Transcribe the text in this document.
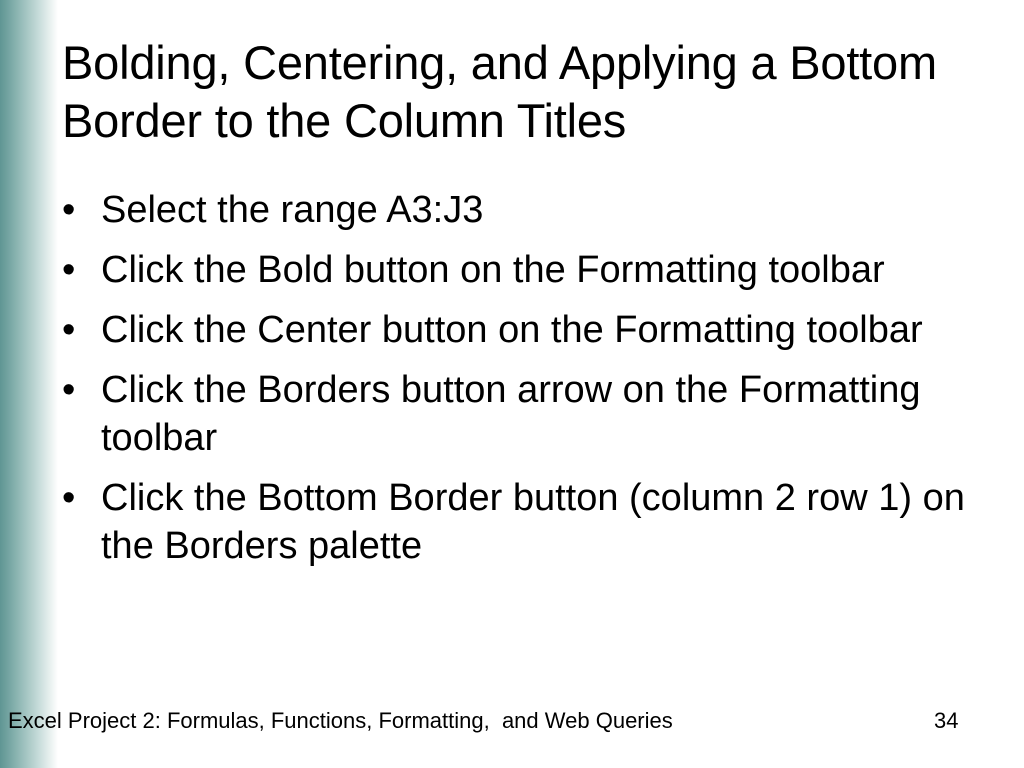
Bolding, Centering, and Applying a Bottom Border to the Column Titles
• Select the range A3:J3
• Click the Bold button on the Formatting toolbar
• Click the Center button on the Formatting toolbar
• Click the Borders button arrow on the Formatting toolbar
• Click the Bottom Border button (column 2 row 1) on the Borders palette
Excel Project 2: Formulas, Functions, Formatting,  and Web Queries	34
